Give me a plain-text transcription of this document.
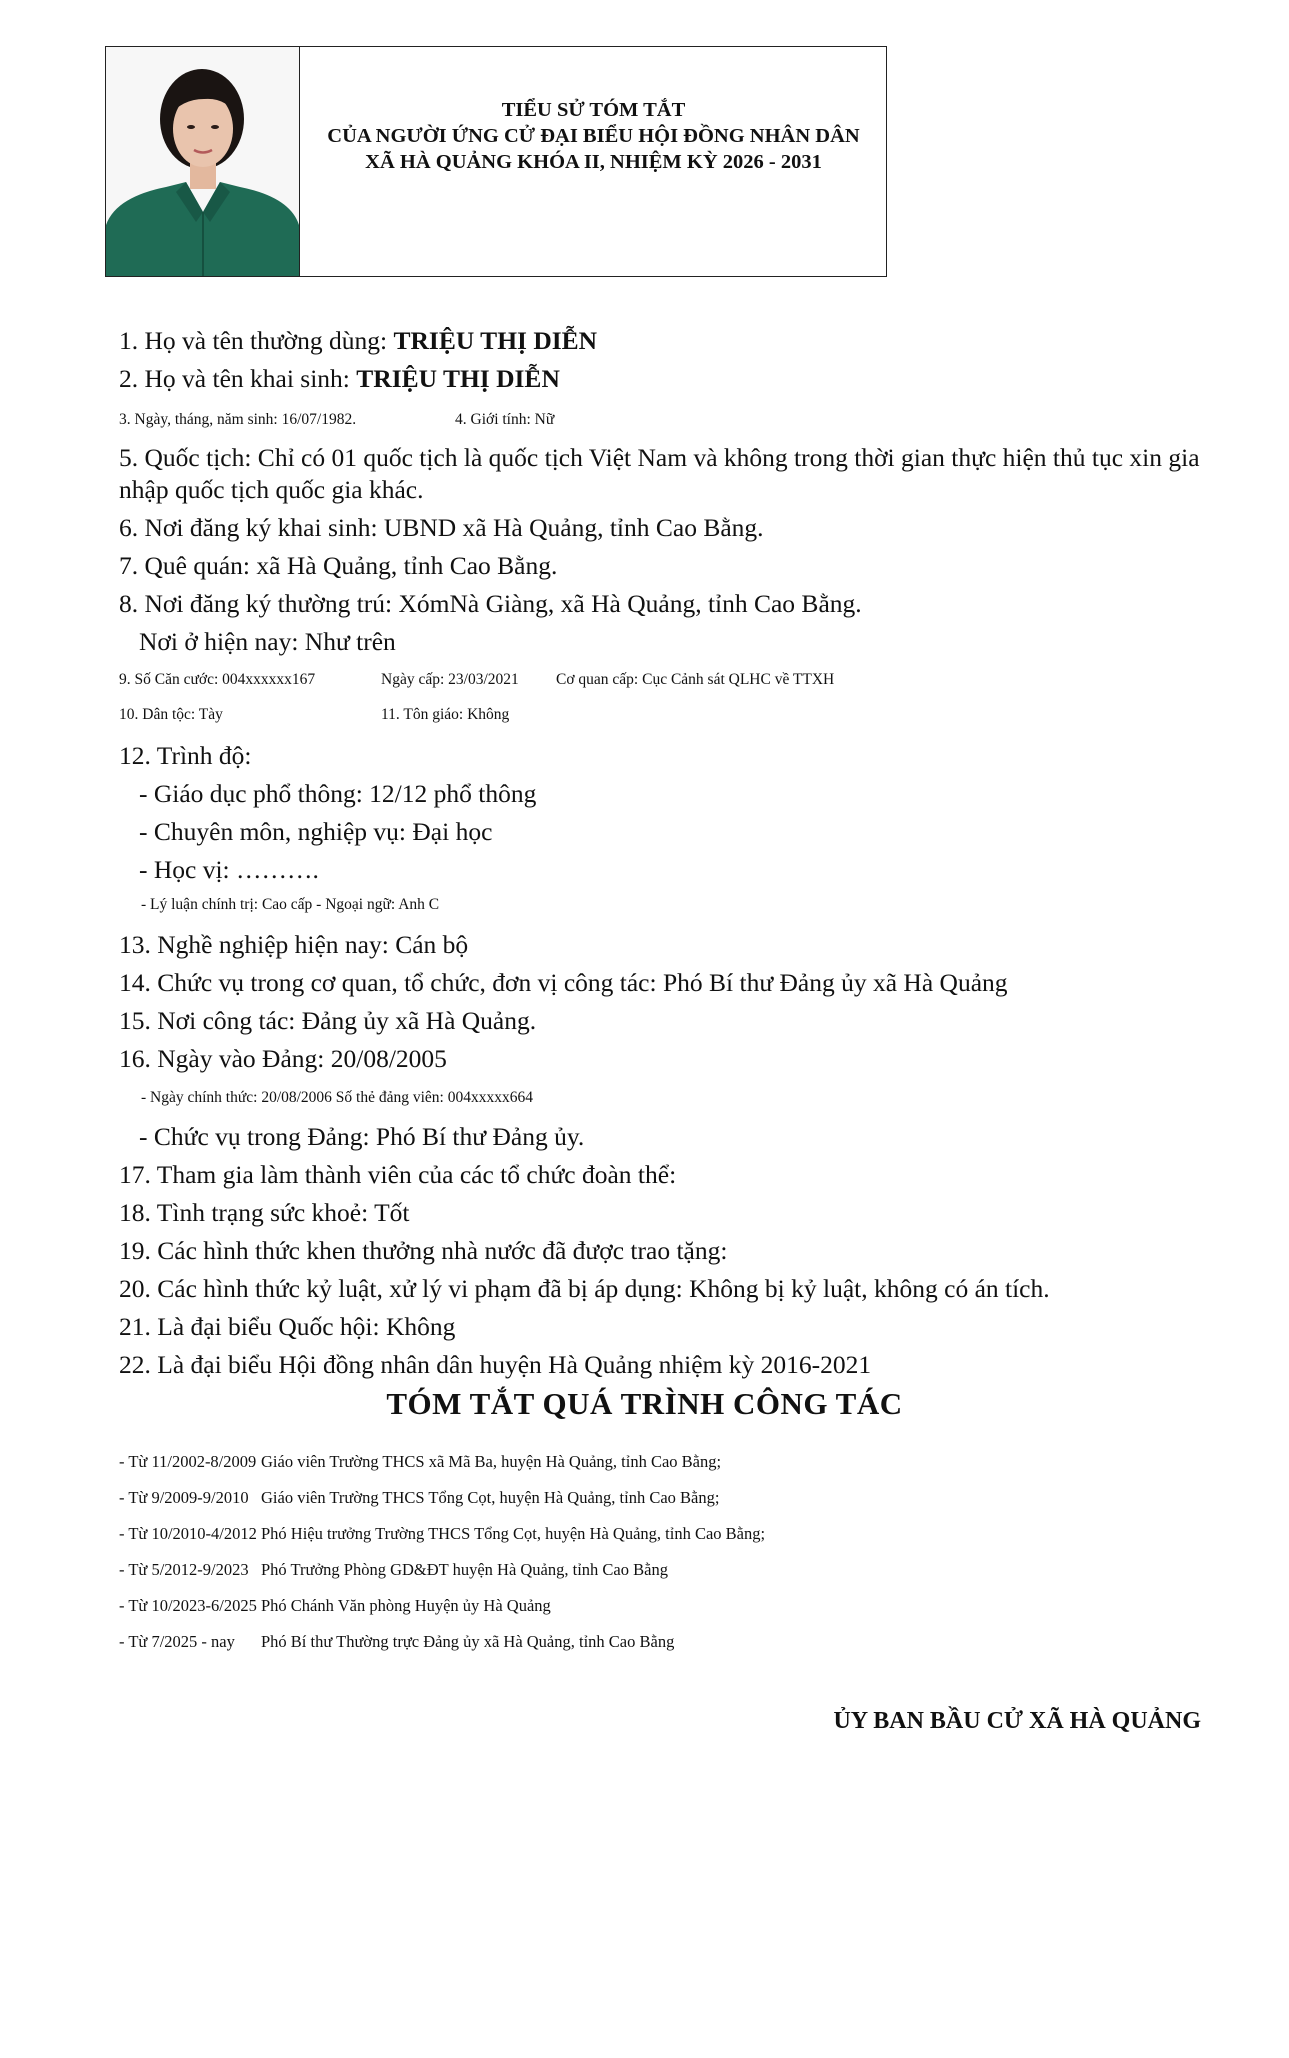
TIỂU SỬ TÓM TẮT
CỦA NGƯỜI ỨNG CỬ ĐẠI BIỂU HỘI ĐỒNG NHÂN DÂN
XÃ HÀ QUẢNG KHÓA II, NHIỆM KỲ 2026 - 2031
1. Họ và tên thường dùng: TRIỆU THỊ DIỄN
2. Họ và tên khai sinh: TRIỆU THỊ DIỄN
3. Ngày, tháng, năm sinh: 16/07/1982.	4. Giới tính: Nữ
5. Quốc tịch: Chỉ có 01 quốc tịch là quốc tịch Việt Nam và không trong thời gian thực hiện thủ tục xin gia nhập quốc tịch quốc gia khác.
6. Nơi đăng ký khai sinh: UBND xã Hà Quảng, tỉnh Cao Bằng.
7. Quê quán: xã Hà Quảng, tỉnh Cao Bằng.
8. Nơi đăng ký thường trú: XómNà Giàng, xã Hà Quảng, tỉnh Cao Bằng.
Nơi ở hiện nay: Như trên
9. Số Căn cước: 004xxxxxx167	Ngày cấp: 23/03/2021 Cơ quan cấp: Cục Cảnh sát QLHC về TTXH
10. Dân tộc: Tày	11. Tôn giáo: Không
12. Trình độ:
- Giáo dục phổ thông: 12/12 phổ thông
- Chuyên môn, nghiệp vụ: Đại học
- Học vị: ……….
- Lý luận chính trị: Cao cấp - Ngoại ngữ: Anh C
13. Nghề nghiệp hiện nay: Cán bộ
14. Chức vụ trong cơ quan, tổ chức, đơn vị công tác: Phó Bí thư Đảng ủy xã Hà Quảng
15. Nơi công tác: Đảng ủy xã Hà Quảng.
16. Ngày vào Đảng: 20/08/2005
- Ngày chính thức: 20/08/2006 Số thẻ đảng viên: 004xxxxx664
- Chức vụ trong Đảng: Phó Bí thư Đảng ủy.
17. Tham gia làm thành viên của các tổ chức đoàn thể:
18. Tình trạng sức khoẻ: Tốt
19. Các hình thức khen thưởng nhà nước đã được trao tặng:
20. Các hình thức kỷ luật, xử lý vi phạm đã bị áp dụng: Không bị kỷ luật, không có án tích.
21. Là đại biểu Quốc hội: Không
22. Là đại biểu Hội đồng nhân dân huyện Hà Quảng nhiệm kỳ 2016-2021
TÓM TẮT QUÁ TRÌNH CÔNG TÁC
- Từ 11/2002-8/2009 Giáo viên Trường THCS xã Mã Ba, huyện Hà Quảng, tỉnh Cao Bằng;
- Từ 9/2009-9/2010 Giáo viên Trường THCS Tổng Cọt, huyện Hà Quảng, tỉnh Cao Bằng;
- Từ 10/2010-4/2012 Phó Hiệu trưởng Trường THCS Tổng Cọt, huyện Hà Quảng, tỉnh Cao Bằng;
- Từ 5/2012-9/2023 Phó Trưởng Phòng GD&ĐT huyện Hà Quảng, tỉnh Cao Bằng
- Từ 10/2023-6/2025 Phó Chánh Văn phòng Huyện ủy Hà Quảng
- Từ 7/2025 - nay Phó Bí thư Thường trực Đảng ủy xã Hà Quảng, tỉnh Cao Bằng
ỦY BAN BẦU CỬ XÃ HÀ QUẢNG
